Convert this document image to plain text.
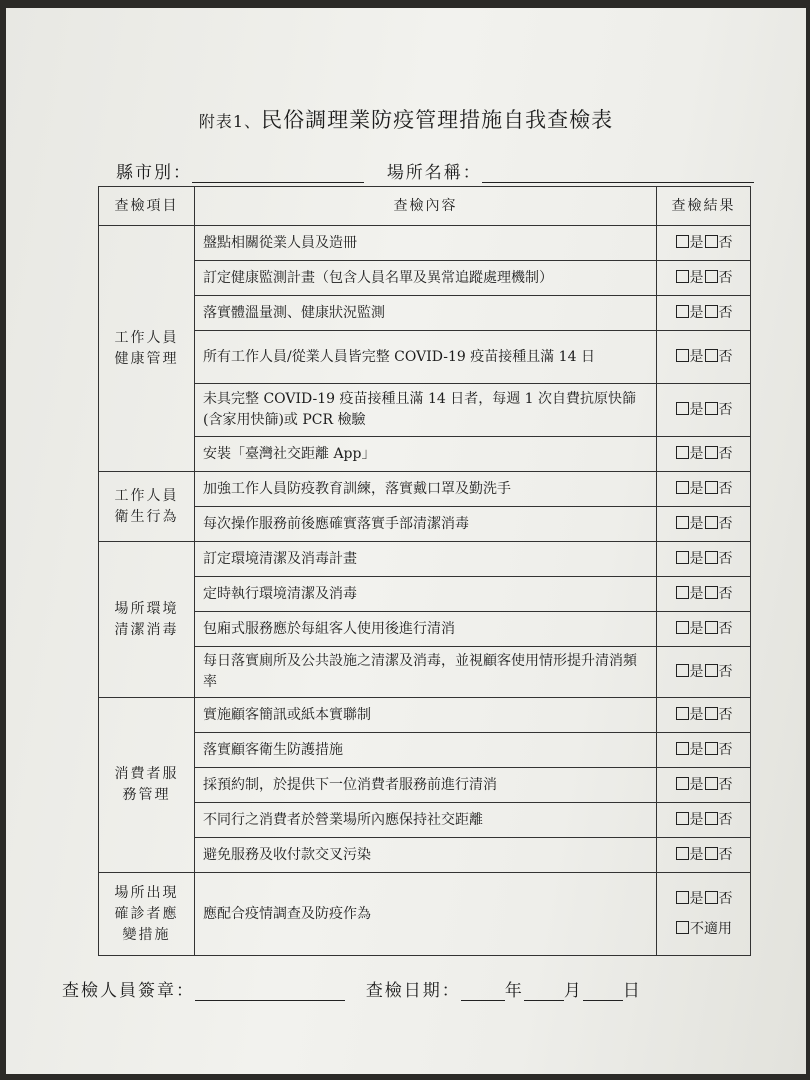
附表1、民俗調理業防疫管理措施自我查檢表
縣市別：	場所名稱：
查檢項目	查檢內容	查檢結果
工作人員健康管理	盤點相關從業人員及造冊	是 否
	訂定健康監測計畫（包含人員名單及異常追蹤處理機制）	是 否
	落實體溫量測、健康狀況監測	是 否
	所有工作人員/從業人員皆完整 COVID-19 疫苗接種且滿 14 日	是 否
	未具完整 COVID-19 疫苗接種且滿 14 日者，每週 1 次自費抗原快篩(含家用快篩)或 PCR 檢驗	是 否
	安裝「臺灣社交距離 App」	是 否
工作人員衛生行為	加強工作人員防疫教育訓練，落實戴口罩及勤洗手	是 否
	每次操作服務前後應確實落實手部清潔消毒	是 否
場所環境清潔消毒	訂定環境清潔及消毒計畫	是 否
	定時執行環境清潔及消毒	是 否
	包廂式服務應於每組客人使用後進行清消	是 否
	每日落實廁所及公共設施之清潔及消毒，並視顧客使用情形提升清消頻率	是 否
消費者服務管理	實施顧客簡訊或紙本實聯制	是 否
	落實顧客衛生防護措施	是 否
	採預約制，於提供下一位消費者服務前進行清消	是 否
	不同行之消費者於營業場所內應保持社交距離	是 否
	避免服務及收付款交叉污染	是 否
場所出現確診者應變措施	應配合疫情調查及防疫作為	是 否
不適用
查檢人員簽章：	查檢日期：	年 月 日
